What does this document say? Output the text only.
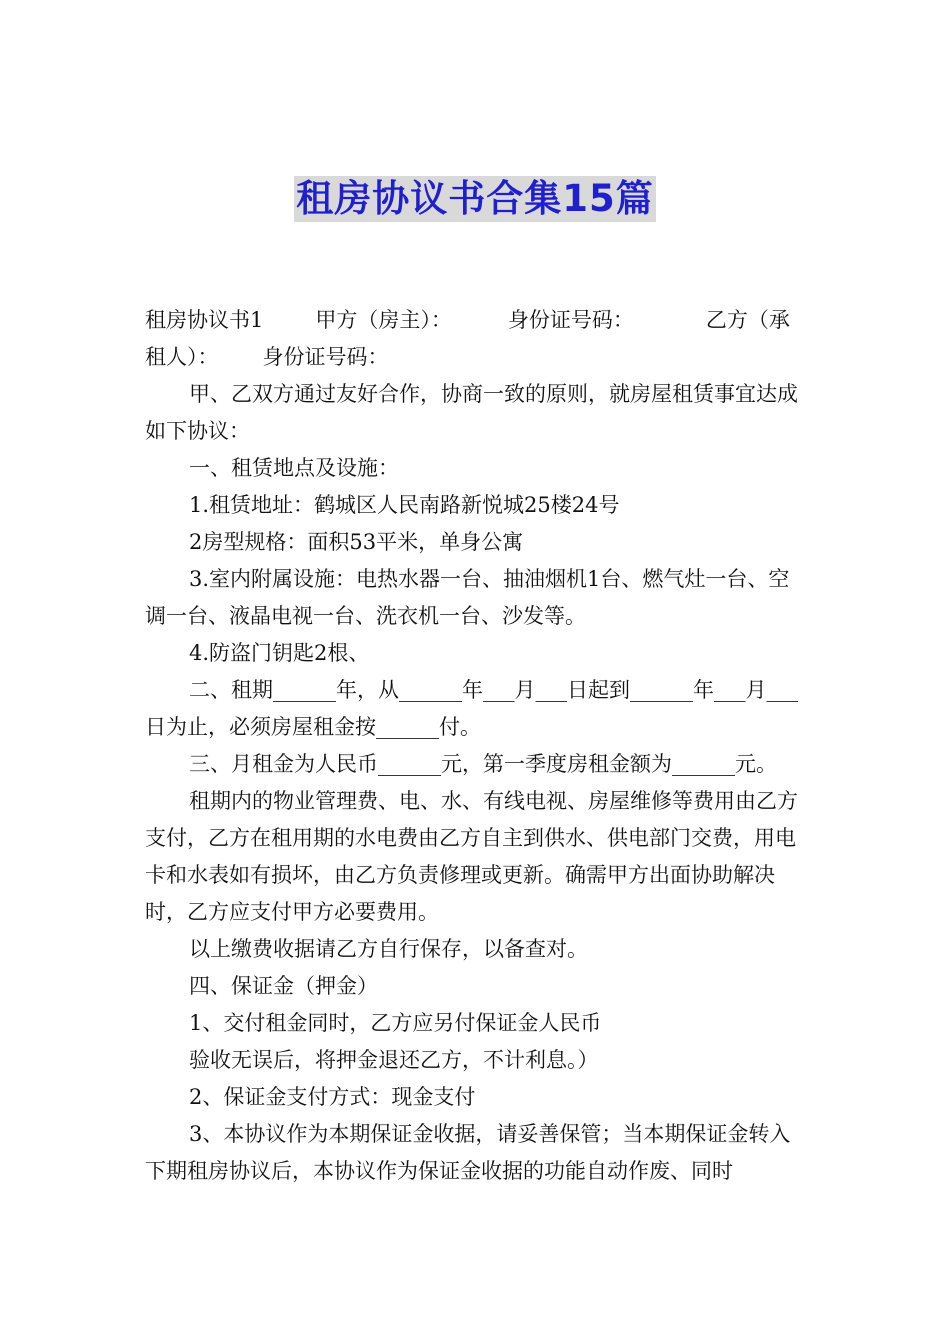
租房协议书合集15篇

租房协议书1 甲方（房主）：	身份证号码：	乙方（承

租人）： 身份证号码：

甲、乙双方通过友好合作，协商一致的原则，就房屋租赁事宜达成如下协议：

一、租赁地点及设施：

1.租赁地址：鹤城区人民南路新悦城25楼24号

2房型规格：面积53平米，单身公寓

3.室内附属设施：电热水器一台、抽油烟机1台、燃气灶一台、空调一台、液晶电视一台、洗衣机一台、沙发等。

4.防盗门钥匙2根、

二、租期______年，从______年___月___日起到______年___月___日为止，必须房屋租金按______付。

三、月租金为人民币______元，第一季度房租金额为______元。

租期内的物业管理费、电、水、有线电视、房屋维修等费用由乙方支付，乙方在租用期的水电费由乙方自主到供水、供电部门交费，用电卡和水表如有损坏，由乙方负责修理或更新。确需甲方出面协助解决时，乙方应支付甲方必要费用。

以上缴费收据请乙方自行保存，以备查对。

四、保证金（押金）

1、交付租金同时，乙方应另付保证金人民币

验收无误后，将押金退还乙方，不计利息。）

2、保证金支付方式：现金支付

3、本协议作为本期保证金收据，请妥善保管；当本期保证金转入下期租房协议后，本协议作为保证金收据的功能自动作废、同时
